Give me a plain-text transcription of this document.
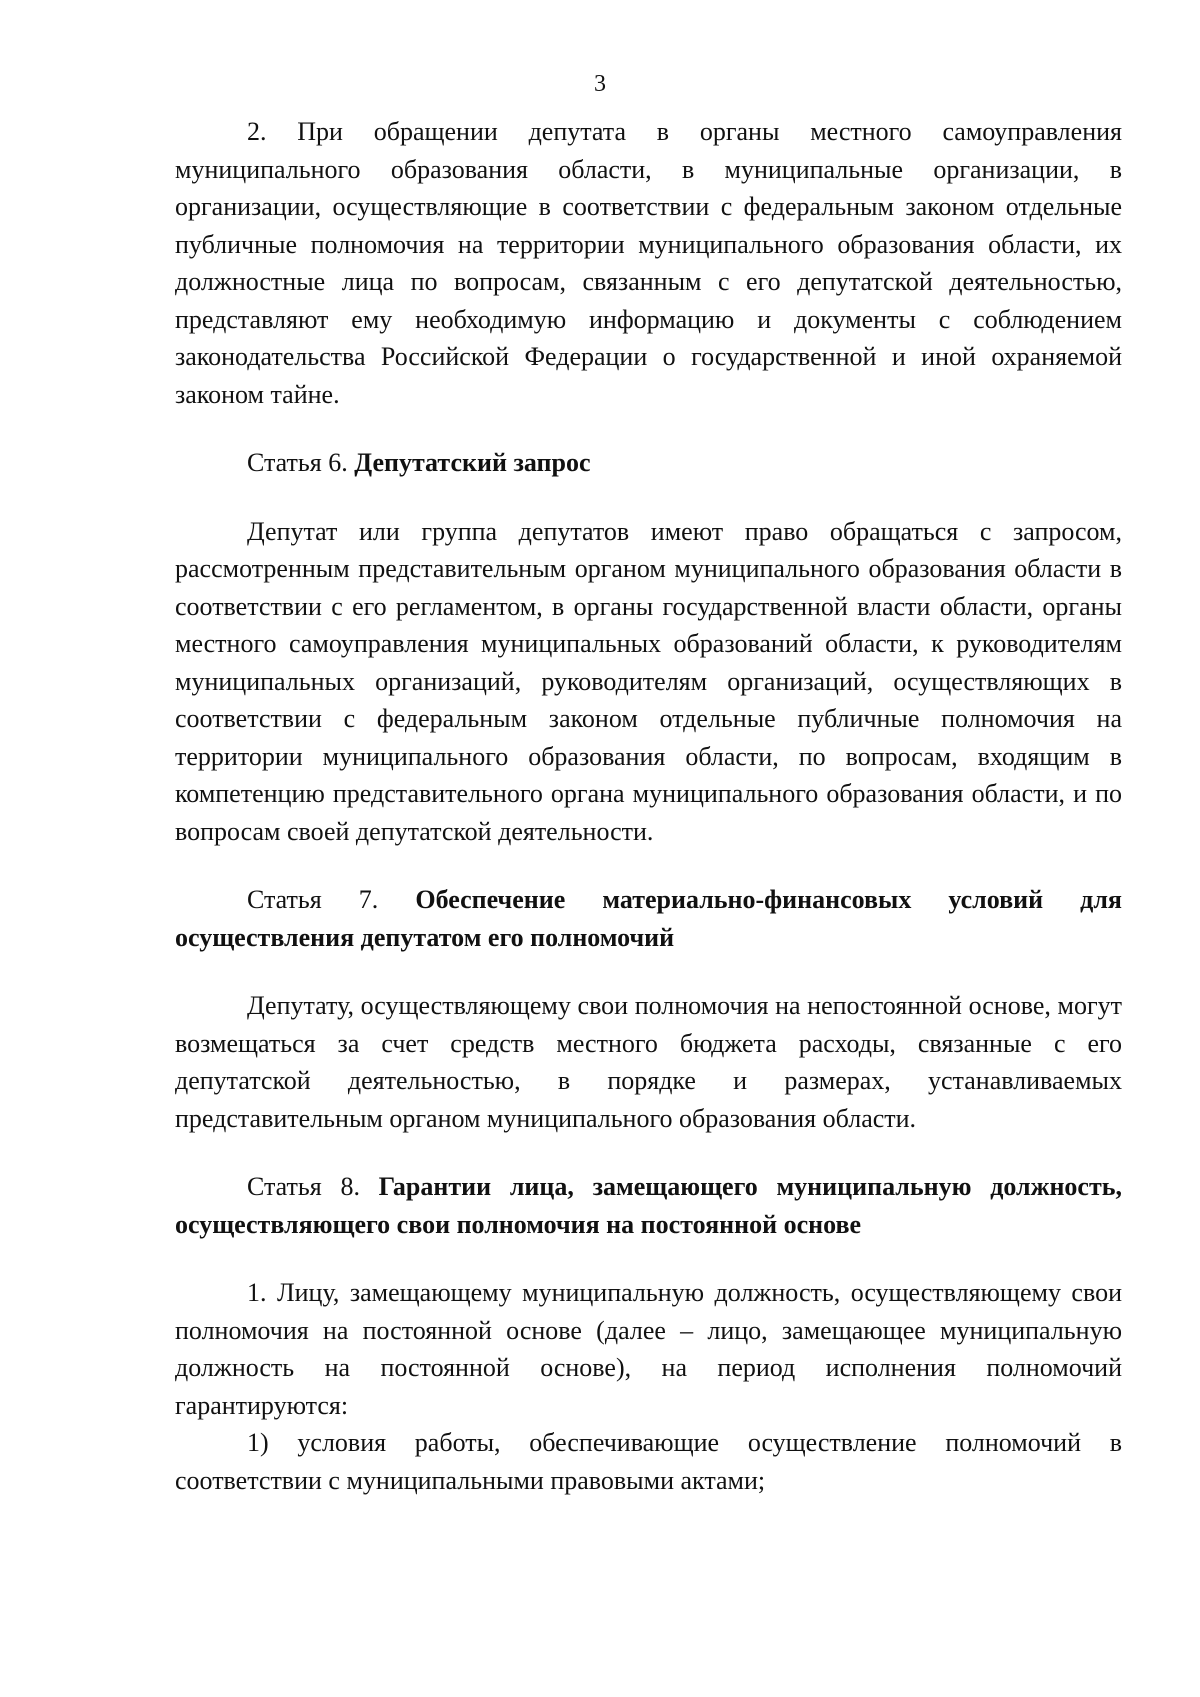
3

2. При обращении депутата в органы местного самоуправления муниципального образования области, в муниципальные организации, в организации, осуществляющие в соответствии с федеральным законом отдельные публичные полномочия на территории муниципального образования области, их должностные лица по вопросам, связанным с его депутатской деятельностью, представляют ему необходимую информацию и документы с соблюдением законодательства Российской Федерации о государственной и иной охраняемой законом тайне.

Статья 6. Депутатский запрос

Депутат или группа депутатов имеют право обращаться с запросом, рассмотренным представительным органом муниципального образования области в соответствии с его регламентом, в органы государственной власти области, органы местного самоуправления муниципальных образований области, к руководителям муниципальных организаций, руководителям организаций, осуществляющих в соответствии с федеральным законом отдельные публичные полномочия на территории муниципального образования области, по вопросам, входящим в компетенцию представительного органа муниципального образования области, и по вопросам своей депутатской деятельности.

Статья 7. Обеспечение материально-финансовых условий для осуществления депутатом его полномочий

Депутату, осуществляющему свои полномочия на непостоянной основе, могут возмещаться за счет средств местного бюджета расходы, связанные с его депутатской деятельностью, в порядке и размерах, устанавливаемых представительным органом муниципального образования области.

Статья 8. Гарантии лица, замещающего муниципальную должность, осуществляющего свои полномочия на постоянной основе

1. Лицу, замещающему муниципальную должность, осуществляющему свои полномочия на постоянной основе (далее – лицо, замещающее муниципальную должность на постоянной основе), на период исполнения полномочий гарантируются:

1) условия работы, обеспечивающие осуществление полномочий в соответствии с муниципальными правовыми актами;
